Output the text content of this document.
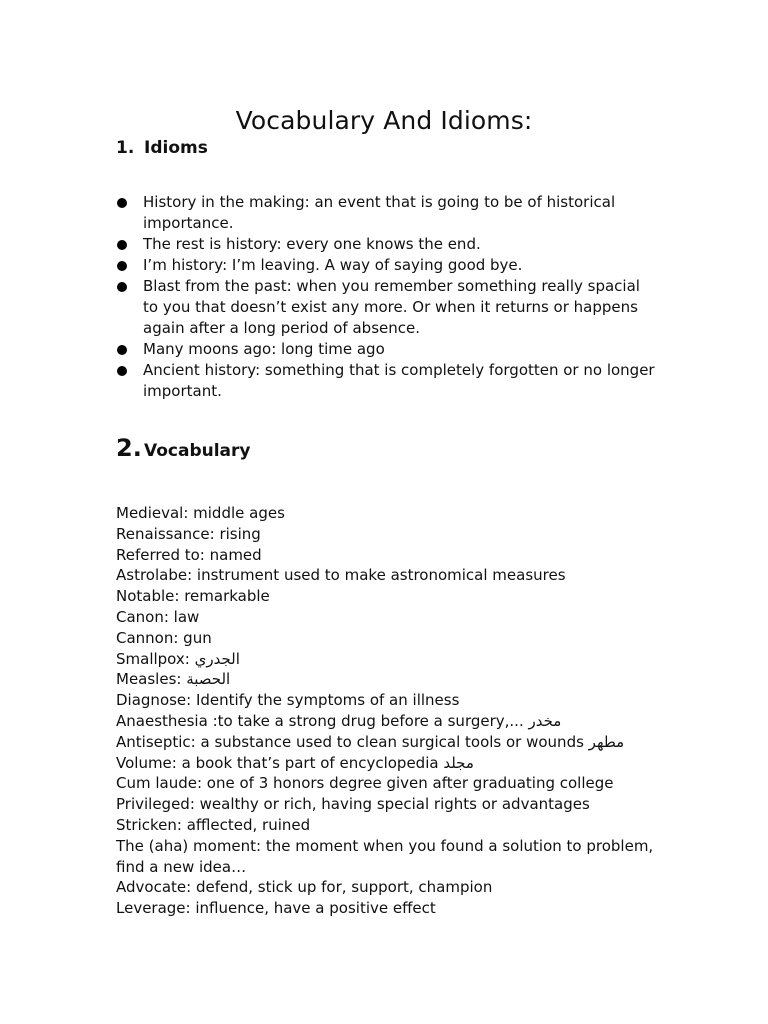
Vocabulary And Idioms:
1. Idioms
History in the making: an event that is going to be of historical importance.
The rest is history: every one knows the end.
I’m history: I’m leaving. A way of saying good bye.
Blast from the past: when you remember something really spacial to you that doesn’t exist any more. Or when it returns or happens again after a long period of absence.
Many moons ago: long time ago
Ancient history: something that is completely forgotten or no longer important.
2. Vocabulary

Medieval: middle ages

Renaissance: rising

Referred to: named

Astrolabe: instrument used to make astronomical measures

Notable: remarkable

Canon: law

Cannon: gun

Smallpox: الجدري

Measles: الحصبة

Diagnose: Identify the symptoms of an illness

Anaesthesia :to take a strong drug before a surgery,... مخدر

Antiseptic: a substance used to clean surgical tools or wounds مطهر

Volume: a book that’s part of encyclopedia مجلد

Cum laude: one of 3 honors degree given after graduating college

Privileged: wealthy or rich, having special rights or advantages

Stricken: afflected, ruined

The (aha) moment: the moment when you found a solution to problem, find a new idea…

Advocate: defend, stick up for, support, champion

Leverage: influence, have a positive effect
